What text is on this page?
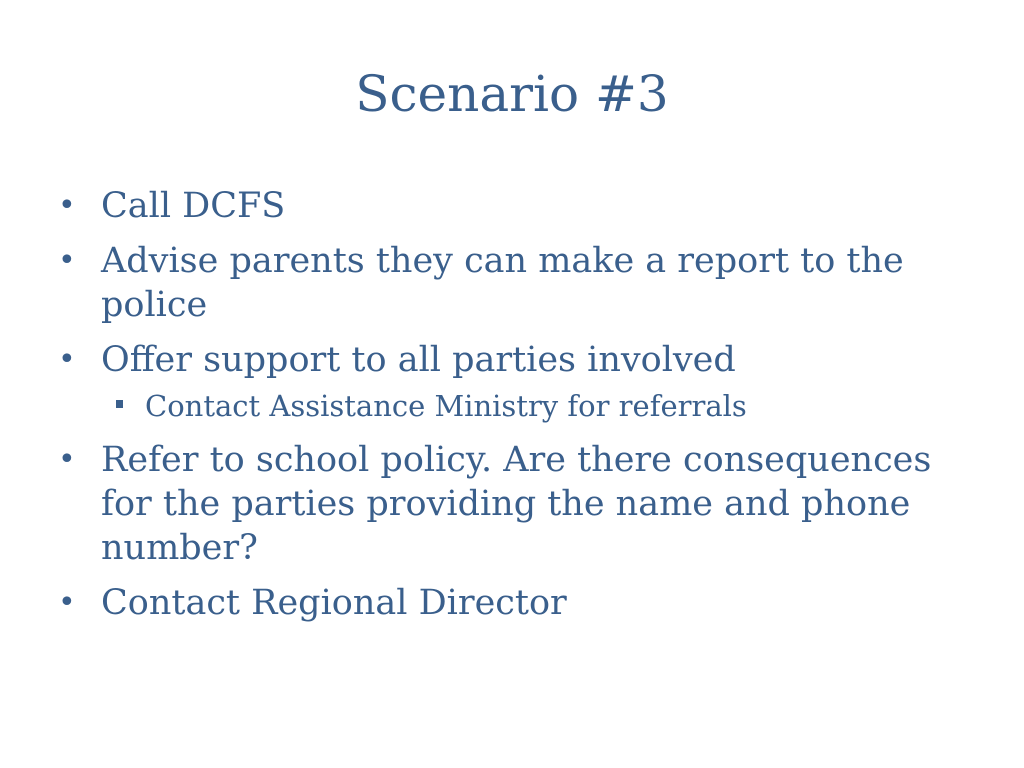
Scenario #3
• Call DCFS
• Advise parents they can make a report to the police
• Offer support to all parties involved
Contact Assistance Ministry for referrals
• Refer to school policy. Are there consequences for the parties providing the name and phone number?
• Contact Regional Director
